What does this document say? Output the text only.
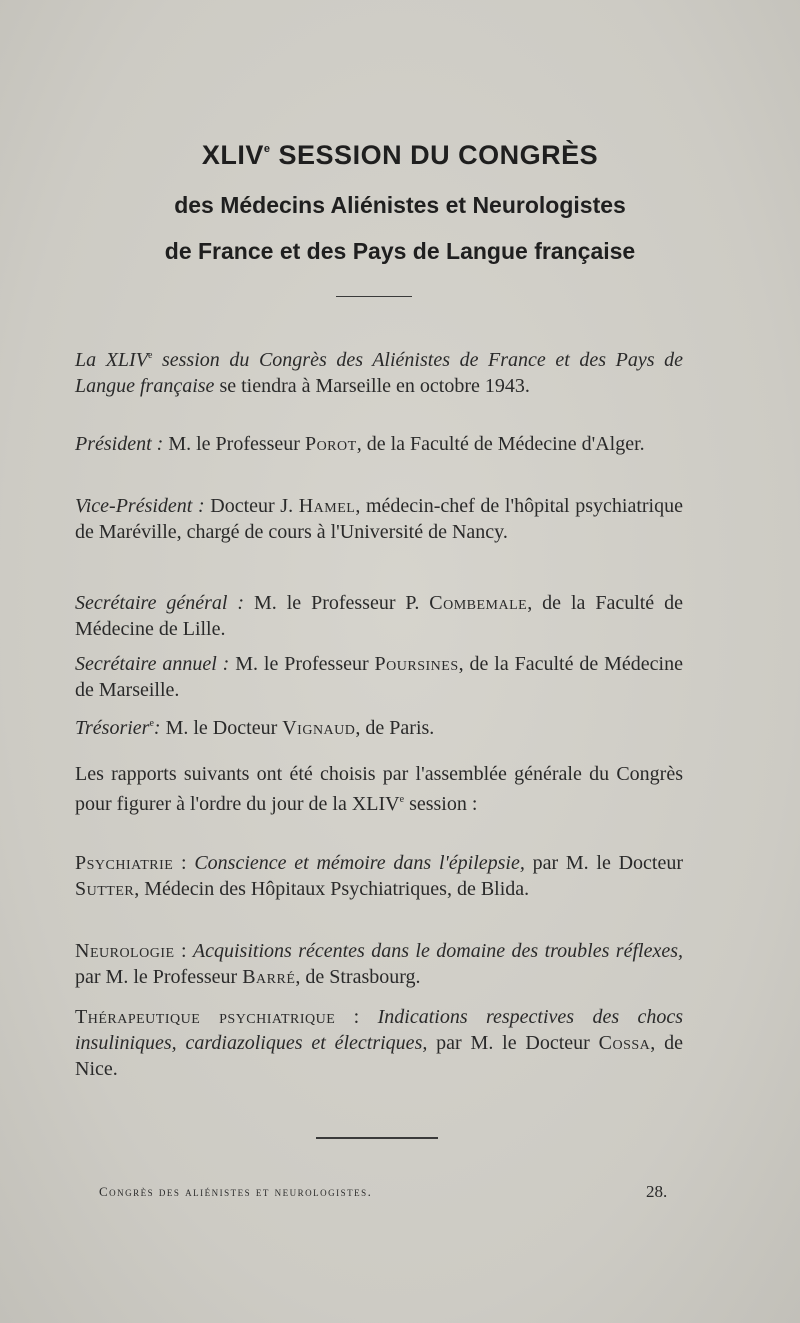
XLIVe SESSION DU CONGRÈS
des Médecins Aliénistes et Neurologistes
de France et des Pays de Langue française

La XLIVe session du Congrès des Aliénistes de France et des Pays de Langue française se tiendra à Marseille en octobre 1943.

Président : M. le Professeur Porot, de la Faculté de Médecine d'Alger.

Vice-Président : Docteur J. Hamel, médecin-chef de l'hôpital psychiatrique de Maréville, chargé de cours à l'Université de Nancy.

Secrétaire général : M. le Professeur P. Combemale, de la Faculté de Médecine de Lille.

Secrétaire annuel : M. le Professeur Poursines, de la Faculté de Médecine de Marseille.

Trésorier$^e$: M. le Docteur Vignaud, de Paris.

Les rapports suivants ont été choisis par l'assemblée générale du Congrès pour figurer à l'ordre du jour de la XLIVe session :

Psychiatrie : Conscience et mémoire dans l'épilepsie, par M. le Docteur Sutter, Médecin des Hôpitaux Psychiatriques, de Blida.

Neurologie : Acquisitions récentes dans le domaine des troubles réflexes, par M. le Professeur Barré, de Strasbourg.

Thérapeutique psychiatrique : Indications respectives des chocs insuliniques, cardiazoliques et électriques, par M. le Docteur Cossa, de Nice.

Congrès des aliénistes et neurologistes.	28.
